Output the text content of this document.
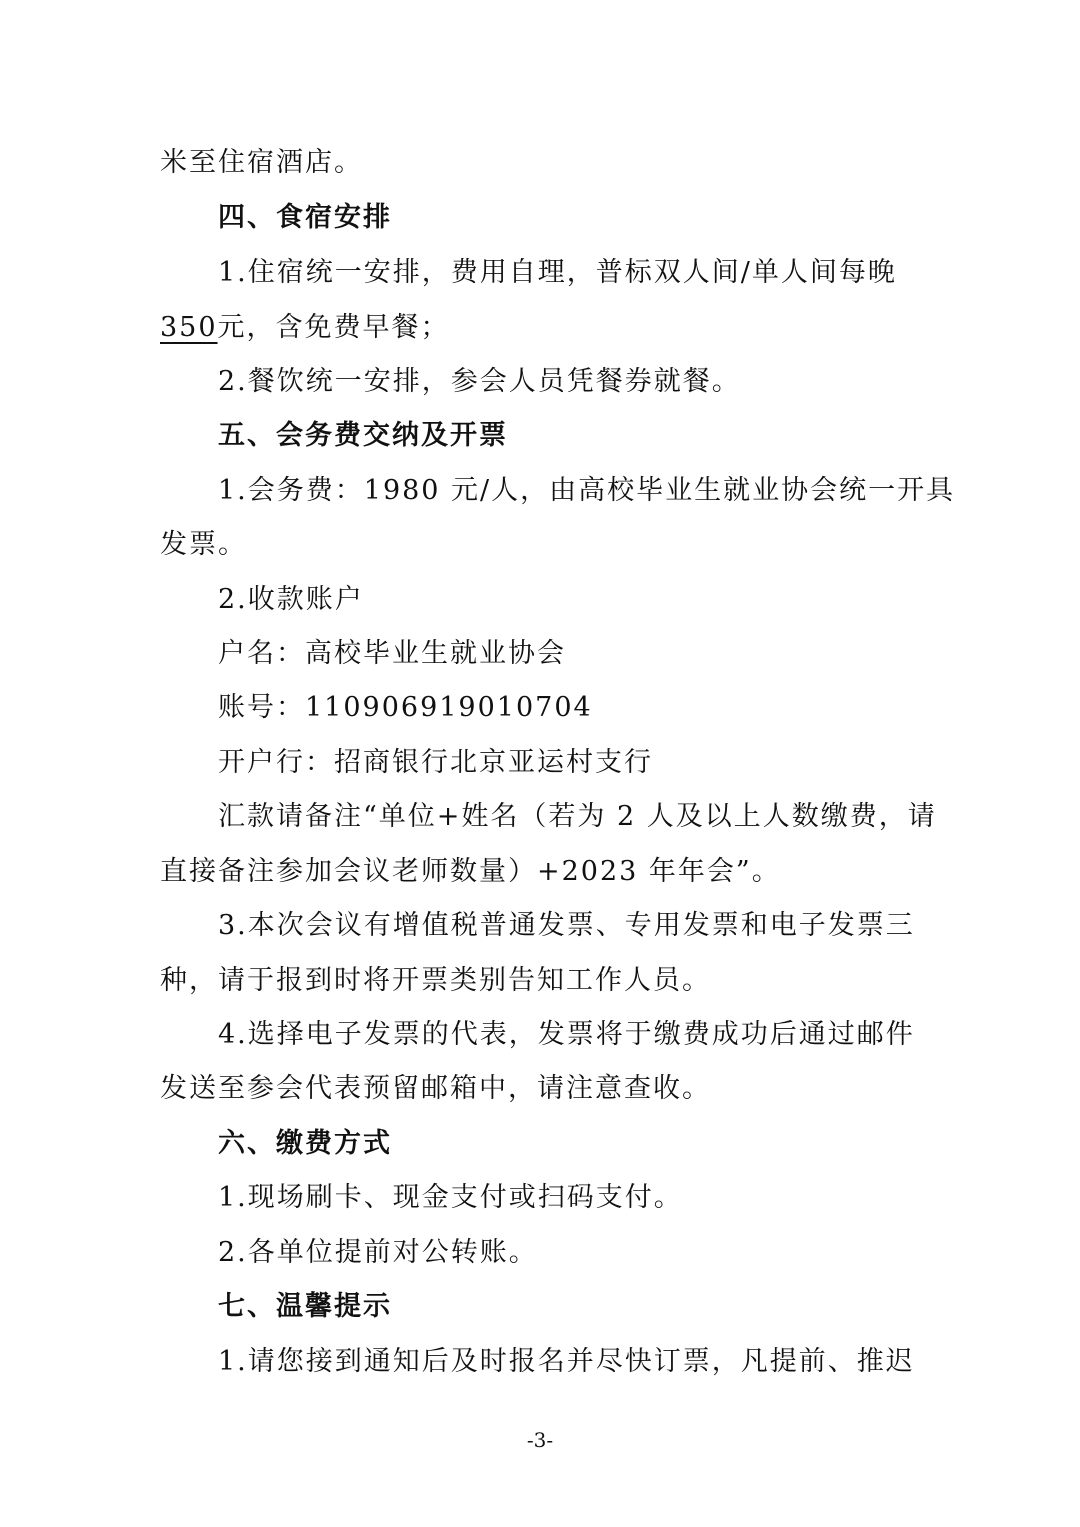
米至住宿酒店。
四、食宿安排
1.住宿统一安排，费用自理，普标双人间/单人间每晚
350元，含免费早餐；
2.餐饮统一安排，参会人员凭餐券就餐。
五、会务费交纳及开票
1.会务费：1980 元/人，由高校毕业生就业协会统一开具
发票。
2.收款账户
户名：高校毕业生就业协会
账号：110906919010704
开户行：招商银行北京亚运村支行
汇款请备注“单位+姓名（若为 2 人及以上人数缴费，请
直接备注参加会议老师数量）+2023 年年会”。
3.本次会议有增值税普通发票、专用发票和电子发票三
种，请于报到时将开票类别告知工作人员。
4.选择电子发票的代表，发票将于缴费成功后通过邮件
发送至参会代表预留邮箱中，请注意查收。
六、缴费方式
1.现场刷卡、现金支付或扫码支付。
2.各单位提前对公转账。
七、温馨提示
1.请您接到通知后及时报名并尽快订票，凡提前、推迟
-3-
